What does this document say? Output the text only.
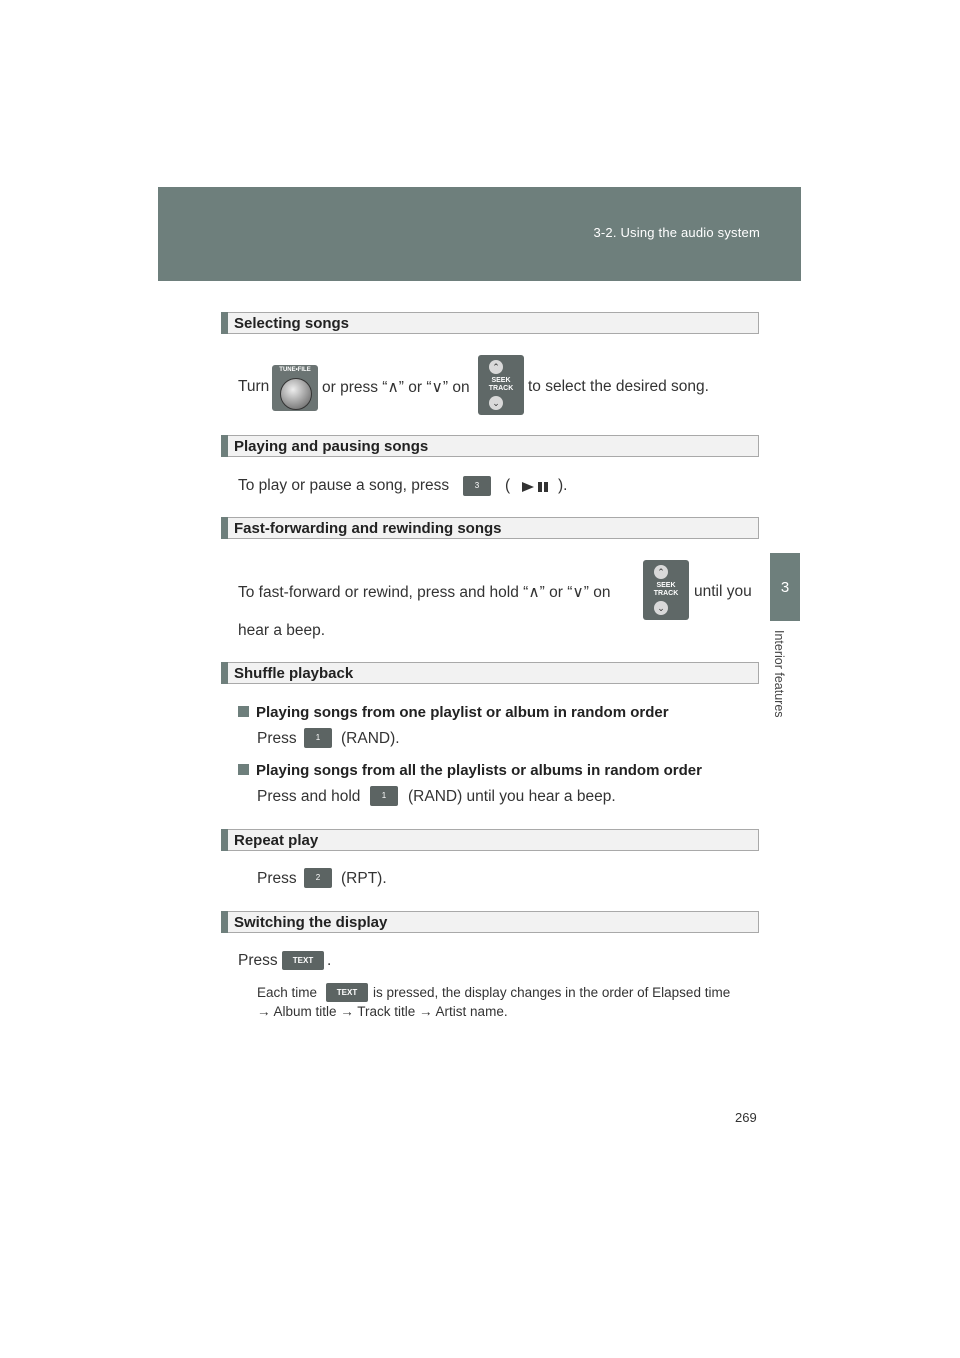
3-2. Using the audio system
3
Interior features
Selecting songs
Turn
TUNE•FILE
or press “∧” or “∨” on
⌃
SEEK
TRACK
⌄
to select the desired song.
Playing and pausing songs
To play or pause a song, press	3	(	).
Fast-forwarding and rewinding songs
To fast-forward or rewind, press and hold “∧” or “∨” on
⌃
SEEK
TRACK
⌄
until you
hear a beep.
Shuffle playback
Playing songs from one playlist or album in random order
Press	1	(RAND).
Playing songs from all the playlists or albums in random order
Press and hold	1	(RAND) until you hear a beep.
Repeat play
Press	2	(RPT).
Switching the display
Press	TEXT .
Each time	TEXT	is pressed, the display changes in the order of Elapsed time
→ Album title → Track title → Artist name.
269
